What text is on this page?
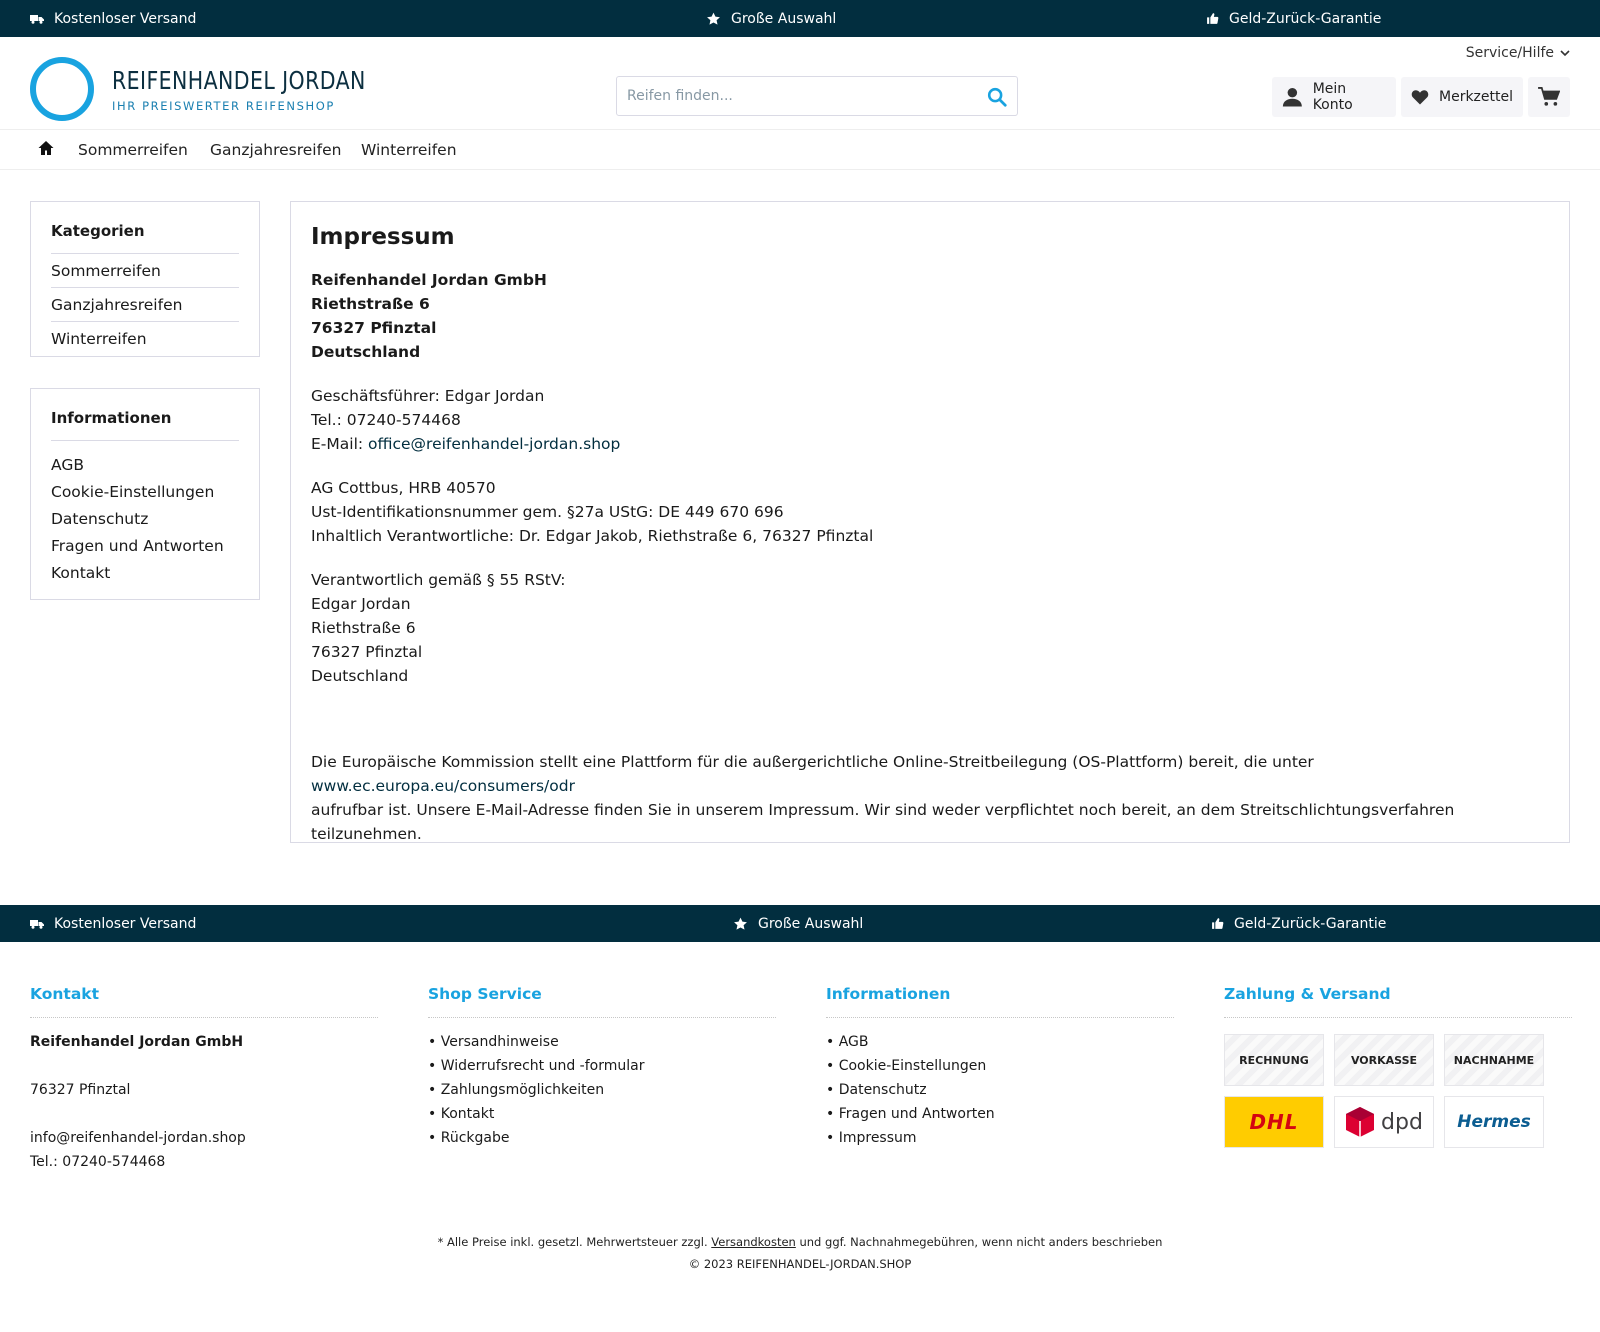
Kostenloser Versand	Große Auswahl	Geld-Zurück-Garantie
REIFENHANDEL JORDAN
IHR PREISWERTER REIFENSHOP
Service/Hilfe
Reifen finden...
Mein Konto	Merkzettel
Sommerreifen Ganzjahresreifen Winterreifen
Kategorien
Sommerreifen
Ganzjahresreifen
Winterreifen
Informationen
AGB
Cookie-Einstellungen
Datenschutz
Fragen und Antworten
Kontakt
Impressum

Reifenhandel Jordan GmbH

Riethstraße 6

76327 Pfinztal

Deutschland

Geschäftsführer: Edgar Jordan

Tel.: 07240-574468

E-Mail: office@reifenhandel-jordan.shop

AG Cottbus, HRB 40570

Ust-Identifikationsnummer gem. §27a UStG: DE 449 670 696

Inhaltlich Verantwortliche: Dr. Edgar Jakob, Riethstraße 6, 76327 Pfinztal

Verantwortlich gemäß § 55 RStV:

Edgar Jordan

Riethstraße 6

76327 Pfinztal

Deutschland

Die Europäische Kommission stellt eine Plattform für die außergerichtliche Online-Streitbeilegung (OS-Plattform) bereit, die unter www.ec.europa.eu/consumers/odr
aufrufbar ist. Unsere E-Mail-Adresse finden Sie in unserem Impressum. Wir sind weder verpflichtet noch bereit, an dem Streitschlichtungsverfahren teilzunehmen.

Kostenloser Versand	Große Auswahl	Geld-Zurück-Garantie
Kontakt
Reifenhandel Jordan GmbH
76327 Pfinztal
info@reifenhandel-jordan.shop
Tel.: 07240-574468
Shop Service
• Versandhinweise
• Widerrufsrecht und -formular
• Zahlungsmöglichkeiten
• Kontakt
• Rückgabe
Informationen
• AGB
• Cookie-Einstellungen
• Datenschutz
• Fragen und Antworten
• Impressum
Zahlung & Versand
RECHNUNG	VORKASSE	NACHNAHME
DHL	dpd	Hermes
* Alle Preise inkl. gesetzl. Mehrwertsteuer zzgl. Versandkosten und ggf. Nachnahmegebühren, wenn nicht anders beschrieben
© 2023 REIFENHANDEL-JORDAN.SHOP
